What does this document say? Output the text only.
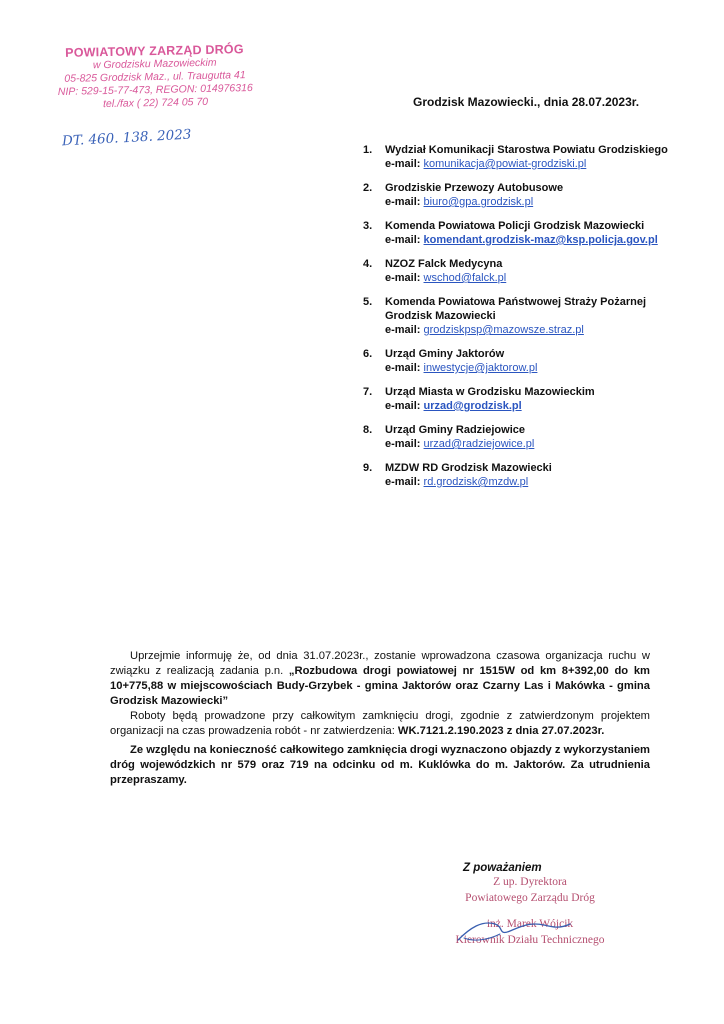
POWIATOWY ZARZĄD DRÓG
w Grodzisku Mazowieckim
05-825 Grodzisk Maz., ul. Traugutta 41
NIP: 529-15-77-473, REGON: 014976316
tel./fax ( 22) 724 05 70
DT. 460. 138. 2023
Grodzisk Mazowiecki., dnia 28.07.2023r.
1.	Wydział Komunikacji Starostwa Powiatu Grodziskiego
e-mail: komunikacja@powiat-grodziski.pl
2.	Grodziskie Przewozy Autobusowe
e-mail: biuro@gpa.grodzisk.pl
3.	Komenda Powiatowa Policji Grodzisk Mazowiecki
e-mail: komendant.grodzisk-maz@ksp.policja.gov.pl
4.	NZOZ Falck Medycyna
e-mail: wschod@falck.pl
5.	Komenda Powiatowa Państwowej Straży Pożarnej Grodzisk Mazowiecki
e-mail: grodziskpsp@mazowsze.straz.pl
6.	Urząd Gminy Jaktorów
e-mail: inwestycje@jaktorow.pl
7.	Urząd Miasta w Grodzisku Mazowieckim
e-mail: urzad@grodzisk.pl
8.	Urząd Gminy Radziejowice
e-mail: urzad@radziejowice.pl
9.	MZDW RD Grodzisk Mazowiecki
e-mail: rd.grodzisk@mzdw.pl

Uprzejmie informuję że, od dnia 31.07.2023r., zostanie wprowadzona czasowa organizacja ruchu w związku z realizacją zadania p.n. „Rozbudowa drogi powiatowej nr 1515W od km 8+392,00 do km 10+775,88 w miejscowościach Budy-Grzybek - gmina Jaktorów oraz Czarny Las i Makówka - gmina Grodzisk Mazowiecki”

Roboty będą prowadzone przy całkowitym zamknięciu drogi, zgodnie z zatwierdzonym projektem organizacji na czas prowadzenia robót - nr zatwierdzenia: WK.7121.2.190.2023 z dnia 27.07.2023r.

Ze względu na konieczność całkowitego zamknięcia drogi wyznaczono objazdy z wykorzystaniem dróg wojewódzkich nr 579 oraz 719 na odcinku od m. Kuklówka do m. Jaktorów. Za utrudnienia przepraszamy.

Z poważaniem
Z up. Dyrektora
Powiatowego Zarządu Dróg
inż. Marek Wójcik
Kierownik Działu Technicznego
